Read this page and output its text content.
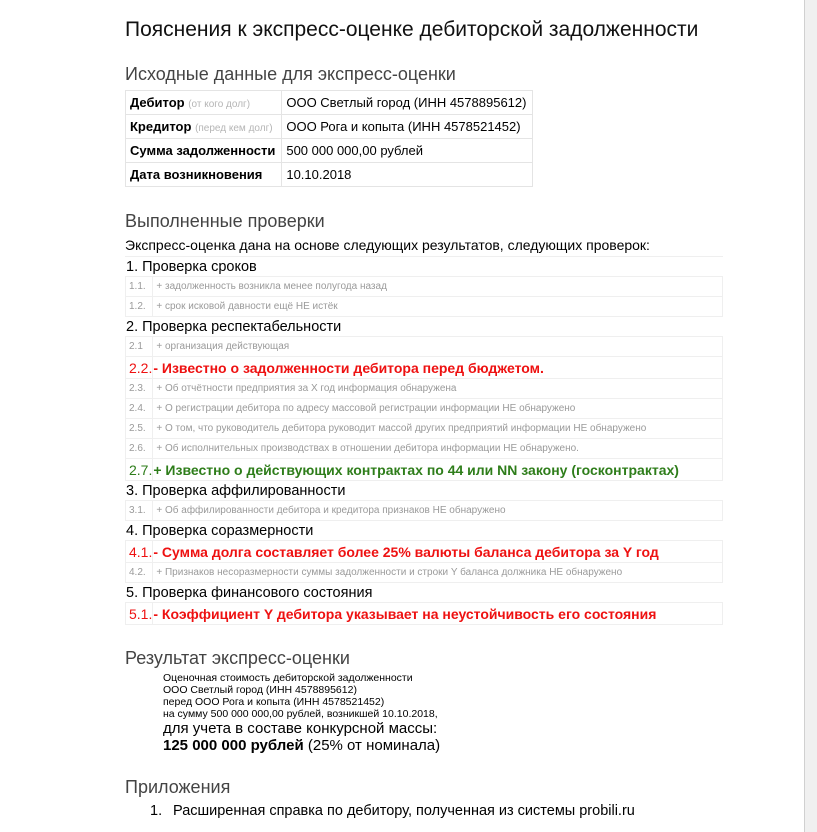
Пояснения к экспресс-оценке дебиторской задолженности
Исходные данные для экспресс-оценки
Дебитор (от кого долг)	ООО Светлый город (ИНН 4578895612)
Кредитор (перед кем долг)	ООО Рога и копыта (ИНН 4578521452)
Сумма задолженности	500 000 000,00 рублей
Дата возникновения	10.10.2018
Выполненные проверки
Экспресс-оценка дана на основе следующих результатов, следующих проверок:
1. Проверка сроков	
	1.1.	+ задолженность возникла менее полугода назад
	1.2.	+ срок исковой давности ещё НЕ истёк
2. Проверка респектабельности	
	2.1	+ организация действующая
	2.2.	- Известно о задолженности дебитора перед бюджетом.
	2.3.	+ Об отчётности предприятия за Х год информация обнаружена
	2.4.	+ О регистрации дебитора по адресу массовой регистрации информации НЕ обнаружено
	2.5.	+ О том, что руководитель дебитора руководит массой других предприятий информации НЕ обнаружено
	2.6.	+ Об исполнительных производствах в отношении дебитора информации НЕ обнаружено.
	2.7.	+ Известно о действующих контрактах по 44 или NN закону (госконтрактах)
3. Проверка аффилированности	
	3.1.	+ Об аффилированности дебитора и кредитора признаков НЕ обнаружено
4. Проверка соразмерности	
	4.1.	- Сумма долга составляет более 25% валюты баланса дебитора за Y год
	4.2.	+ Признаков несоразмерности суммы задолженности и строки Y баланса должника НЕ обнаружено
5. Проверка финансового состояния	
	5.1.	- Коэффициент Y дебитора указывает на неустойчивость его состояния
Результат экспресс-оценки
Оценочная стоимость дебиторской задолженности
ООО Светлый город (ИНН 4578895612)
перед ООО Рога и копыта (ИНН 4578521452)
на сумму 500 000 000,00 рублей, возникшей 10.10.2018,
для учета в составе конкурсной массы:
125 000 000 рублей (25% от номинала)
Приложения
1. Расширенная справка по дебитору, полученная из системы probili.ru
